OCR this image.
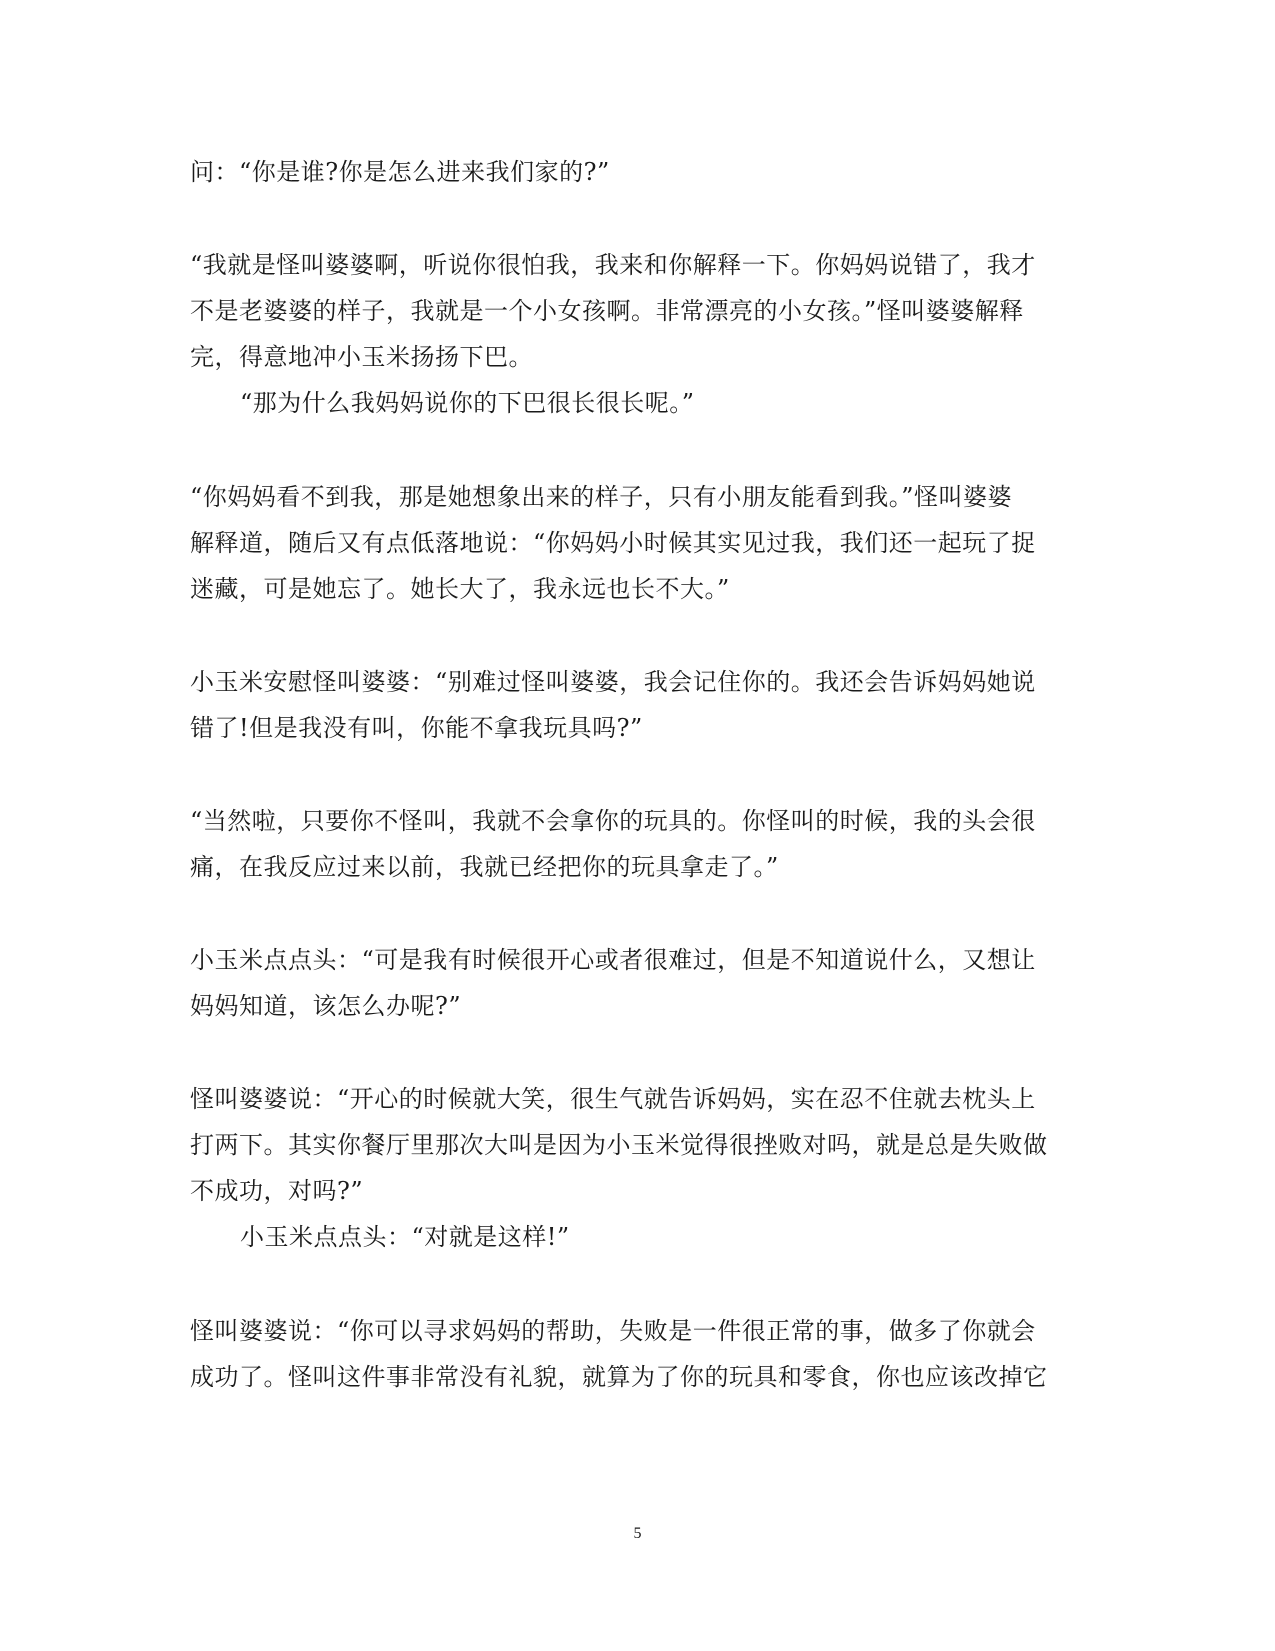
问：“你是谁?你是怎么进来我们家的?”
“我就是怪叫婆婆啊，听说你很怕我，我来和你解释一下。你妈妈说错了，我才
不是老婆婆的样子，我就是一个小女孩啊。非常漂亮的小女孩。”怪叫婆婆解释
完，得意地冲小玉米扬扬下巴。
“那为什么我妈妈说你的下巴很长很长呢。”
“你妈妈看不到我，那是她想象出来的样子，只有小朋友能看到我。”怪叫婆婆
解释道，随后又有点低落地说：“你妈妈小时候其实见过我，我们还一起玩了捉
迷藏，可是她忘了。她长大了，我永远也长不大。”
小玉米安慰怪叫婆婆：“别难过怪叫婆婆，我会记住你的。我还会告诉妈妈她说
错了!但是我没有叫，你能不拿我玩具吗?”
“当然啦，只要你不怪叫，我就不会拿你的玩具的。你怪叫的时候，我的头会很
痛，在我反应过来以前，我就已经把你的玩具拿走了。”
小玉米点点头：“可是我有时候很开心或者很难过，但是不知道说什么，又想让
妈妈知道，该怎么办呢?”
怪叫婆婆说：“开心的时候就大笑，很生气就告诉妈妈，实在忍不住就去枕头上
打两下。其实你餐厅里那次大叫是因为小玉米觉得很挫败对吗，就是总是失败做
不成功，对吗?”
小玉米点点头：“对就是这样!”
怪叫婆婆说：“你可以寻求妈妈的帮助，失败是一件很正常的事，做多了你就会
成功了。怪叫这件事非常没有礼貌，就算为了你的玩具和零食，你也应该改掉它
5
